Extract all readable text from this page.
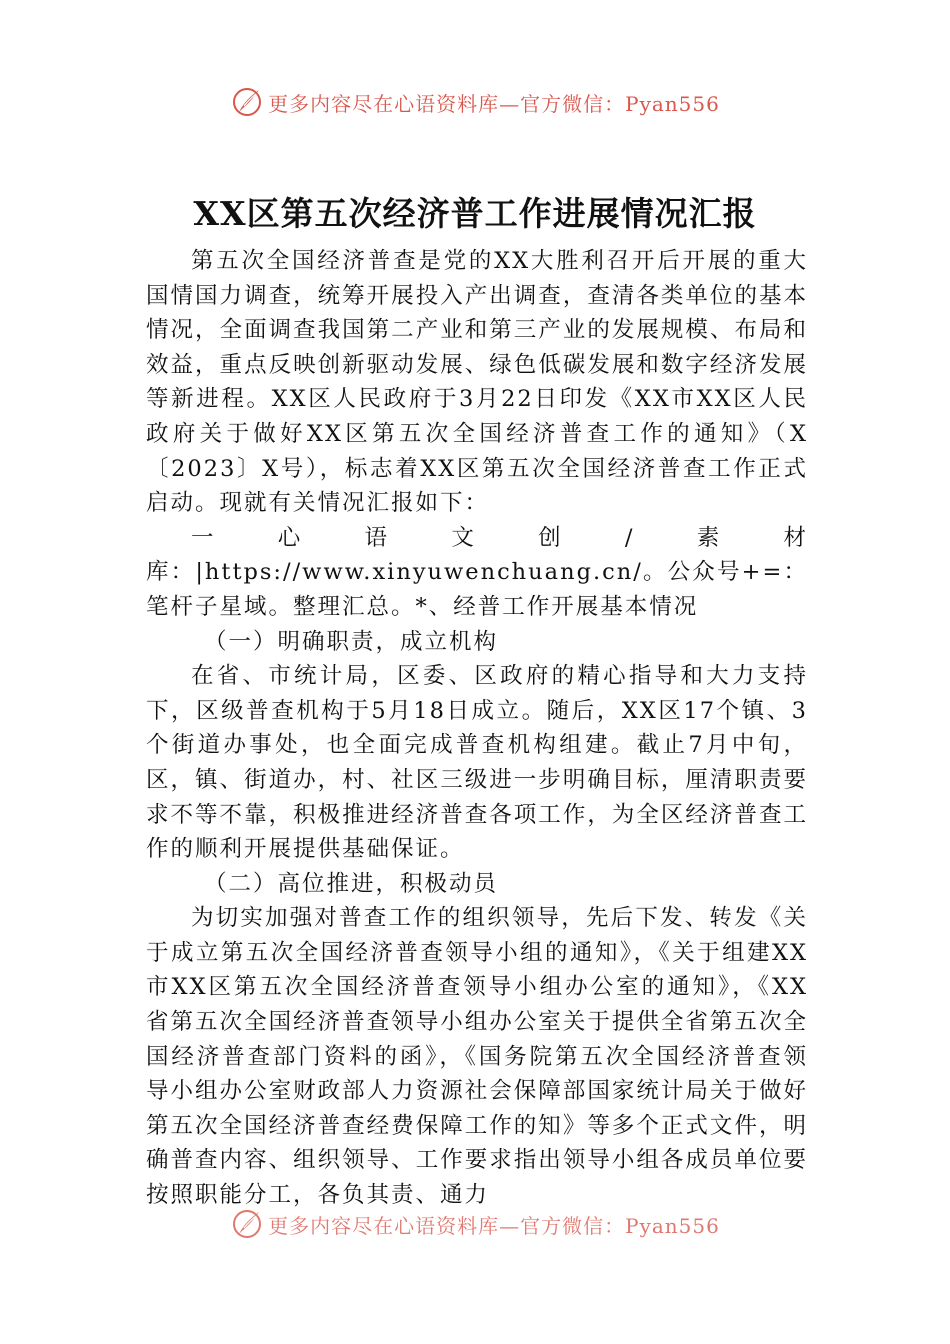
更多内容尽在心语资料库—官方微信：Pyan556
XX区第五次经济普工作进展情况汇报

第五次全国经济普查是党的XX大胜利召开后开展的重大国情国力调查，统筹开展投入产出调查，查清各类单位的基本情况，全面调查我国第二产业和第三产业的发展规模、布局和效益，重点反映创新驱动发展、绿色低碳发展和数字经济发展等新进程。XX区人民政府于3月22日印发《XX市XX区人民政府关于做好XX区第五次全国经济普查工作的通知》（X〔2023〕X号），标志着XX区第五次全国经济普查工作正式启动。现就有关情况汇报如下：

一心语文创/素材库：|https://www.xinyuwenchuang.cn/。公众号+=：笔杆子星域。整理汇总。*、经普工作开展基本情况

（一）明确职责，成立机构

在省、市统计局，区委、区政府的精心指导和大力支持下，区级普查机构于5月18日成立。随后，XX区17个镇、3个街道办事处，也全面完成普查机构组建。截止7月中旬，区，镇、街道办，村、社区三级进一步明确目标，厘清职责要求不等不靠，积极推进经济普查各项工作，为全区经济普查工作的顺利开展提供基础保证。

（二）高位推进，积极动员

为切实加强对普查工作的组织领导，先后下发、转发《关于成立第五次全国经济普查领导小组的通知》，《关于组建XX市XX区第五次全国经济普查领导小组办公室的通知》，《XX省第五次全国经济普查领导小组办公室关于提供全省第五次全国经济普查部门资料的函》，《国务院第五次全国经济普查领导小组办公室财政部人力资源社会保障部国家统计局关于做好第五次全国经济普查经费保障工作的知》等多个正式文件，明确普查内容、组织领导、工作要求指出领导小组各成员单位要按照职能分工，各负其责、通力

更多内容尽在心语资料库—官方微信：Pyan556
